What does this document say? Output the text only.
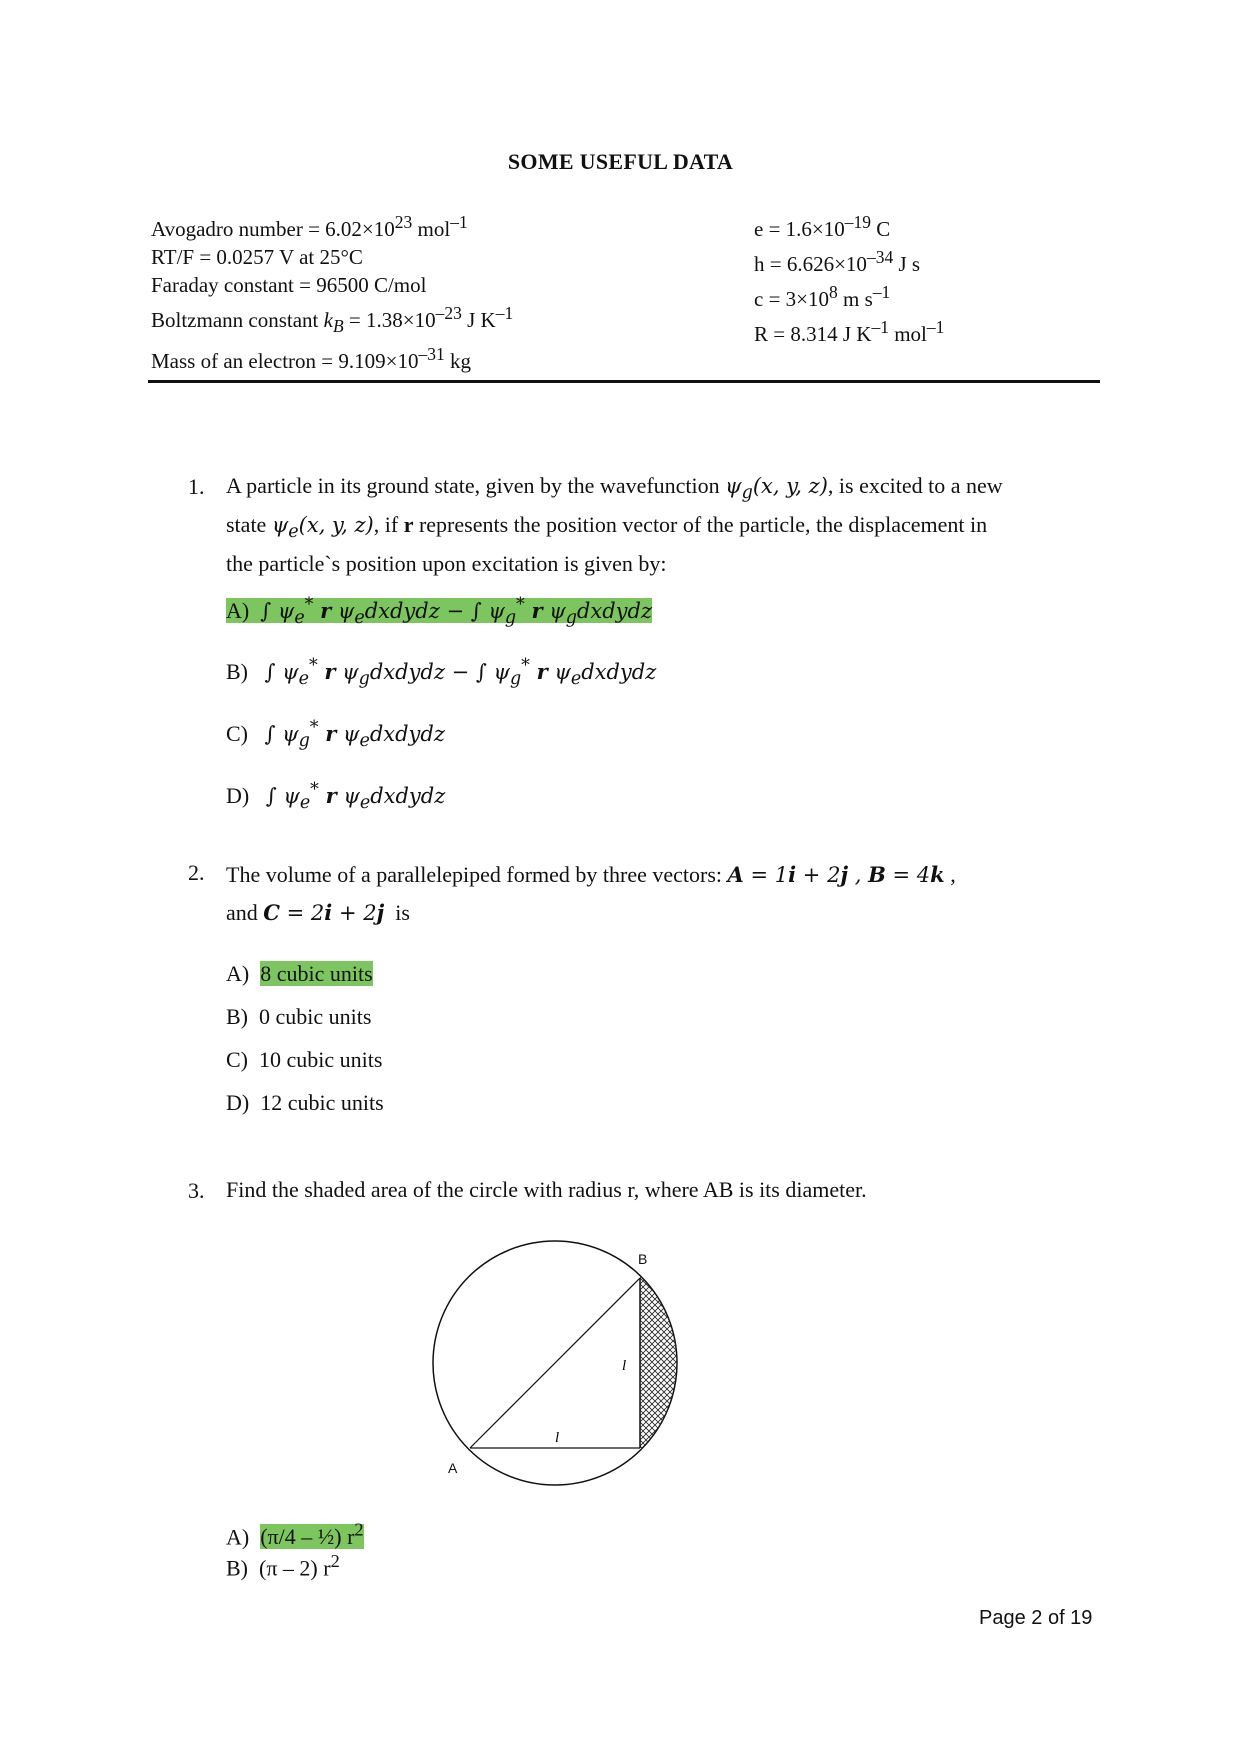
SOME USEFUL DATA
Avogadro number = $6.02\times 10^{23}$ mol$^{-1}$
RT/F = 0.0257 V at 25°C
Faraday constant = 96500 C/mol
Boltzmann constant $k_B = 1.38\times 10^{-23}$ J $K^{-1}$
Mass of an electron = $9.109\times 10^{-31}$ kg
$e = 1.6\times 10^{-19}$ C
$h = 6.626\times 10^{-34}$ J s
$c = 3\times 10^8$ m $s^{-1}$
R = 8.314 J $K^{-1}$ mol$^{-1}$
1. A particle in its ground state, given by the wavefunction $\psi_g(x$, y, z), is excited to a new
state $\psi_e(x$, y, z), if r represents the position vector of the particle, the displacement in
the particle`s position upon excitation is given by:
A)  ∫ $\psi_e^*$ r $\psi_edxdydz$ − ∫ $\psi_g^*$ r $\psi_gdxdydz$
B)   ∫ $\psi_e^*$ r $\psi_gdxdydz$ − ∫ $\psi_g^*$ r $\psi_edxdydz$
C)   ∫ $\psi_g^*$ r $\psi_edxdydz$
D)   ∫ $\psi_e^*$ r $\psi_edxdydz$
2. The volume of a parallelepiped formed by three vectors: A = 1i + 2j , B = 4k ,
and C = 2i + 2j  is
A) 8 cubic units
B) 0 cubic units
C) 10 cubic units
D) 12 cubic units
3. Find the shaded area of the circle with radius r, where AB is its diameter.
l
l
B
A
A)  (π/4 – ½) $r^2$
B)  (π – 2) $r^2$
Page 2 of 19
